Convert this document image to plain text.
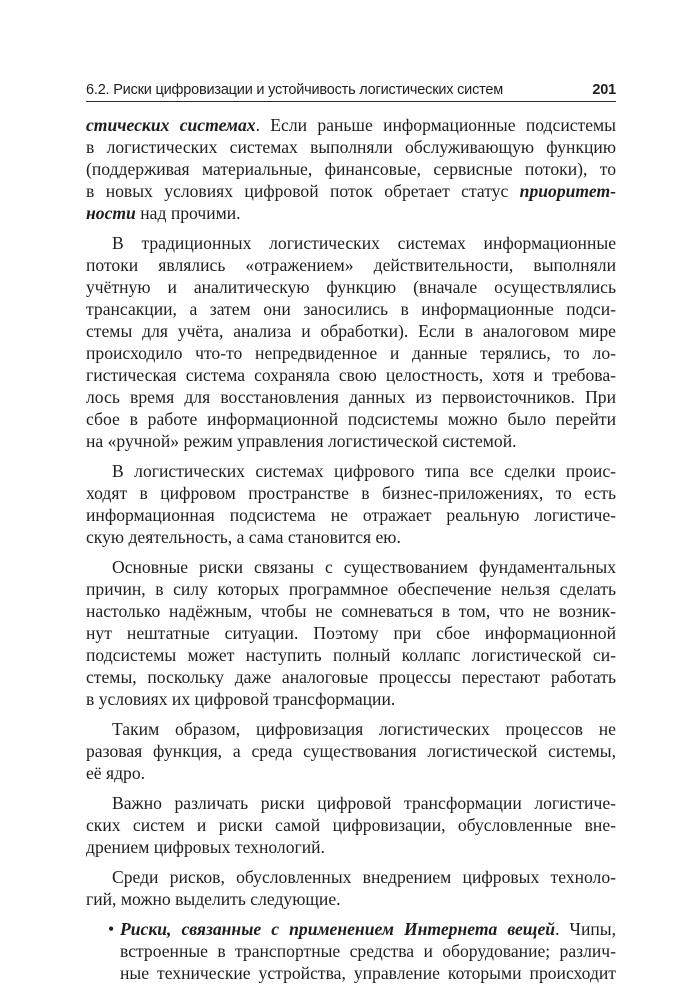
6.2. Риски цифровизации и устойчивость логистических систем	201
стических системах. Если раньше информационные подсистемы
в логистических системах выполняли обслуживающую функцию
(поддерживая материальные, финансовые, сервисные потоки), то
в новых условиях цифровой поток обретает статус приоритет-
ности над прочими.
В традиционных логистических системах информационные
потоки являлись «отражением» действительности, выполняли
учётную и аналитическую функцию (вначале осуществлялись
трансакции, а затем они заносились в информационные подси-
стемы для учёта, анализа и обработки). Если в аналоговом мире
происходило что-то непредвиденное и данные терялись, то ло-
гистическая система сохраняла свою целостность, хотя и требова-
лось время для восстановления данных из первоисточников. При
сбое в работе информационной подсистемы можно было перейти
на «ручной» режим управления логистической системой.
В логистических системах цифрового типа все сделки проис-
ходят в цифровом пространстве в бизнес-приложениях, то есть
информационная подсистема не отражает реальную логистиче-
скую деятельность, а сама становится ею.
Основные риски связаны с существованием фундаментальных
причин, в силу которых программное обеспечение нельзя сделать
настолько надёжным, чтобы не сомневаться в том, что не возник-
нут нештатные ситуации. Поэтому при сбое информационной
подсистемы может наступить полный коллапс логистической си-
стемы, поскольку даже аналоговые процессы перестают работать
в условиях их цифровой трансформации.
Таким образом, цифровизация логистических процессов не
разовая функция, а среда существования логистической системы,
её ядро.
Важно различать риски цифровой трансформации логистиче-
ских систем и риски самой цифровизации, обусловленные вне-
дрением цифровых технологий.
Среди рисков, обусловленных внедрением цифровых техноло-
гий, можно выделить следующие.
• Риски, связанные с применением Интернета вещей. Чипы,
встроенные в транспортные средства и оборудование; различ-
ные технические устройства, управление которыми происходит
